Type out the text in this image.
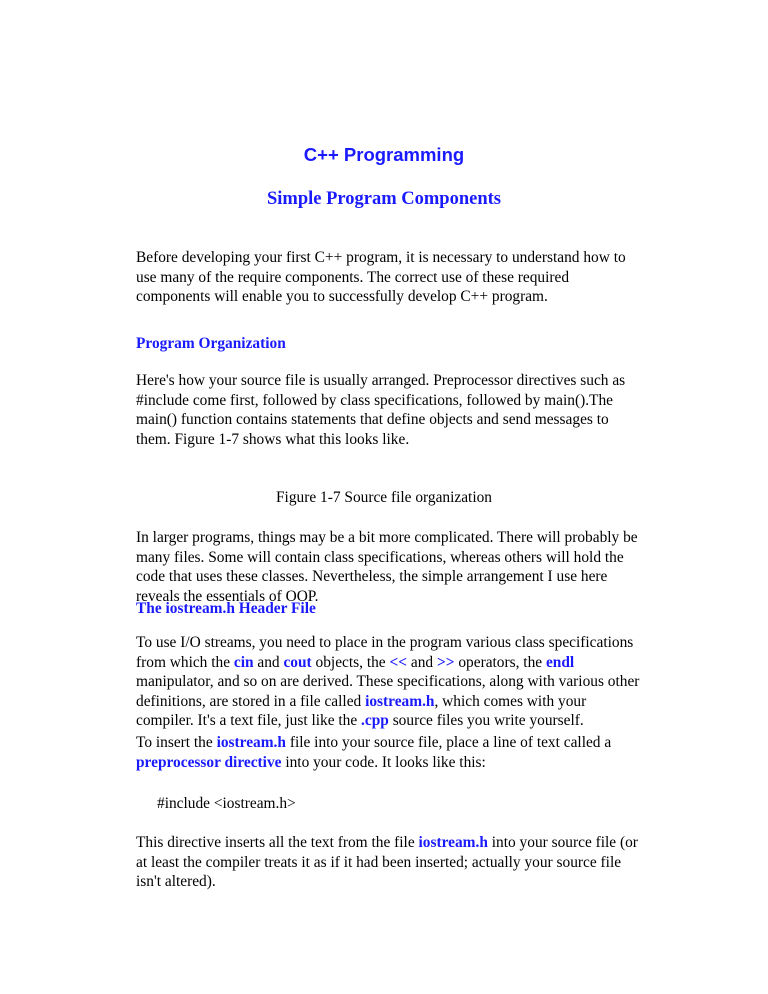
C++ Programming
Simple Program Components

Before developing your first C++ program, it is necessary to understand how to use many of the require components. The correct use of these required components will enable you to successfully develop C++ program.

Program Organization

Here's how your source file is usually arranged. Preprocessor directives such as #include come first, followed by class specifications, followed by main().The main() function contains statements that define objects and send messages to them. Figure 1-7 shows what this looks like.

Figure 1-7 Source file organization

In larger programs, things may be a bit more complicated. There will probably be many files. Some will contain class specifications, whereas others will hold the code that uses these classes. Nevertheless, the simple arrangement I use here reveals the essentials of OOP.

The iostream.h Header File

To use I/O streams, you need to place in the program various class specifications from which the cin and cout objects, the << and >> operators, the endl manipulator, and so on are derived. These specifications, along with various other definitions, are stored in a file called iostream.h, which comes with your compiler. It's a text file, just like the .cpp source files you write yourself.

To insert the iostream.h file into your source file, place a line of text called a preprocessor directive into your code. It looks like this:

#include <iostream.h>

This directive inserts all the text from the file iostream.h into your source file (or at least the compiler treats it as if it had been inserted; actually your source file isn't altered).
